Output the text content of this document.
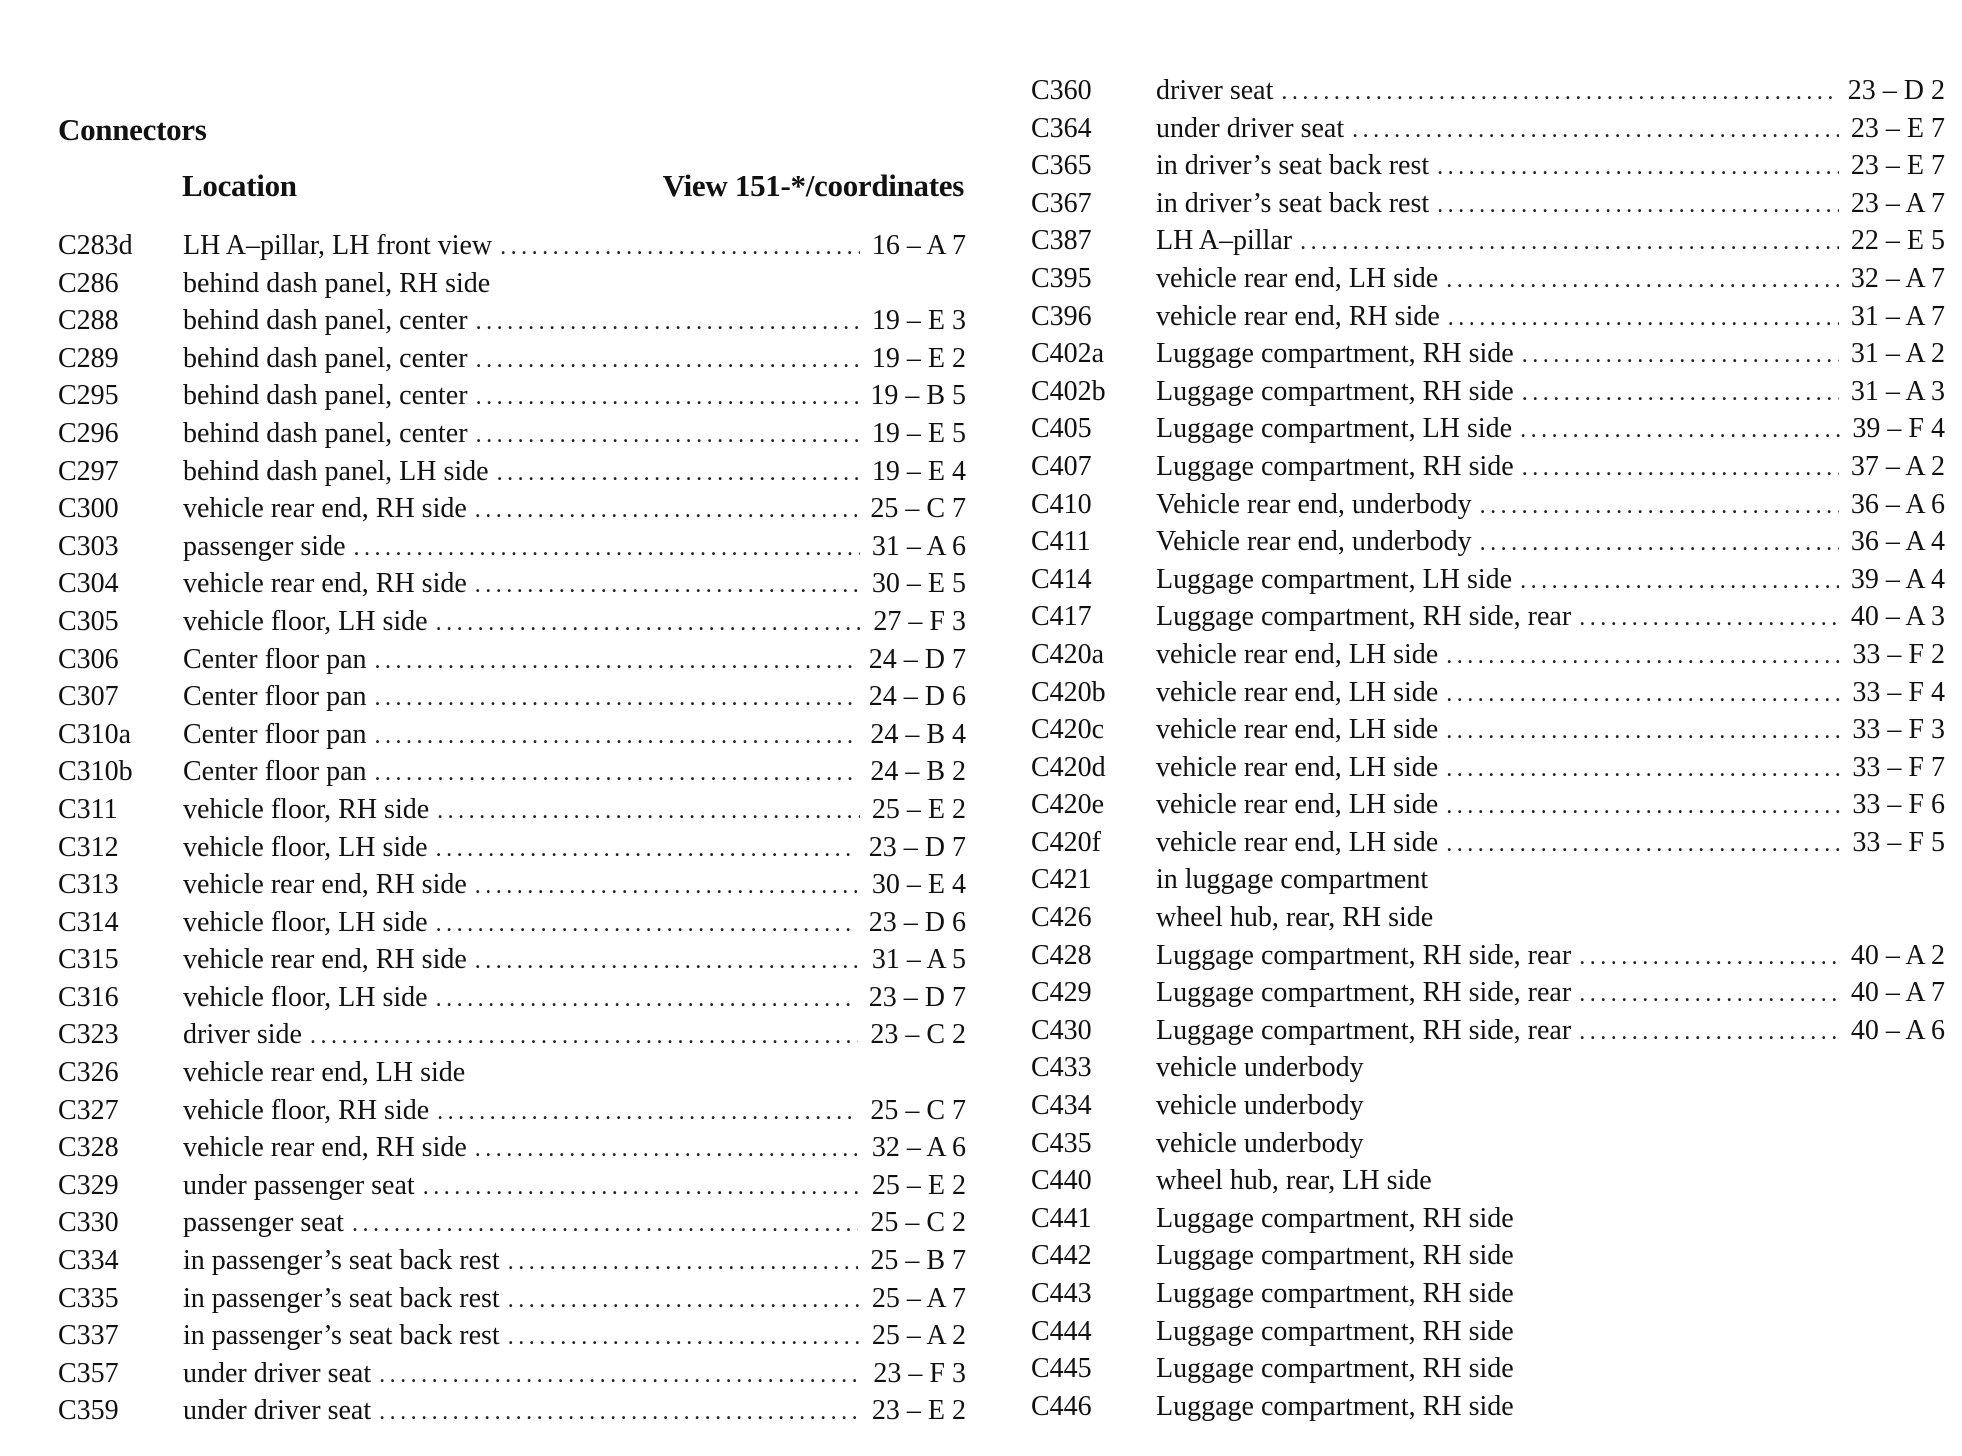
Connectors
Location	View 151-*/coordinates
C283d	LH A–pillar, LH front view .....	16 – A 7
C286	behind dash panel, RH side
C288	behind dash panel, center .....	19 – E 3
C289	behind dash panel, center .....	19 – E 2
C295	behind dash panel, center .....	19 – B 5
C296	behind dash panel, center .....	19 – E 5
C297	behind dash panel, LH side .....	19 – E 4
C300	vehicle rear end, RH side .....	25 – C 7
C303	passenger side .....	31 – A 6
C304	vehicle rear end, RH side .....	30 – E 5
C305	vehicle floor, LH side .....	27 – F 3
C306	Center floor pan .....	24 – D 7
C307	Center floor pan .....	24 – D 6
C310a	Center floor pan .....	24 – B 4
C310b	Center floor pan .....	24 – B 2
C311	vehicle floor, RH side .....	25 – E 2
C312	vehicle floor, LH side .....	23 – D 7
C313	vehicle rear end, RH side .....	30 – E 4
C314	vehicle floor, LH side .....	23 – D 6
C315	vehicle rear end, RH side .....	31 – A 5
C316	vehicle floor, LH side .....	23 – D 7
C323	driver side .....	23 – C 2
C326	vehicle rear end, LH side
C327	vehicle floor, RH side .....	25 – C 7
C328	vehicle rear end, RH side .....	32 – A 6
C329	under passenger seat .....	25 – E 2
C330	passenger seat .....	25 – C 2
C334	in passenger’s seat back rest .....	25 – B 7
C335	in passenger’s seat back rest .....	25 – A 7
C337	in passenger’s seat back rest .....	25 – A 2
C357	under driver seat .....	23 – F 3
C359	under driver seat .....	23 – E 2
C360	driver seat .....	23 – D 2
C364	under driver seat .....	23 – E 7
C365	in driver’s seat back rest .....	23 – E 7
C367	in driver’s seat back rest .....	23 – A 7
C387	LH A–pillar .....	22 – E 5
C395	vehicle rear end, LH side .....	32 – A 7
C396	vehicle rear end, RH side .....	31 – A 7
C402a	Luggage compartment, RH side .....	31 – A 2
C402b	Luggage compartment, RH side .....	31 – A 3
C405	Luggage compartment, LH side .....	39 – F 4
C407	Luggage compartment, RH side .....	37 – A 2
C410	Vehicle rear end, underbody .....	36 – A 6
C411	Vehicle rear end, underbody .....	36 – A 4
C414	Luggage compartment, LH side .....	39 – A 4
C417	Luggage compartment, RH side, rear .....	40 – A 3
C420a	vehicle rear end, LH side .....	33 – F 2
C420b	vehicle rear end, LH side .....	33 – F 4
C420c	vehicle rear end, LH side .....	33 – F 3
C420d	vehicle rear end, LH side .....	33 – F 7
C420e	vehicle rear end, LH side .....	33 – F 6
C420f	vehicle rear end, LH side .....	33 – F 5
C421	in luggage compartment
C426	wheel hub, rear, RH side
C428	Luggage compartment, RH side, rear .....	40 – A 2
C429	Luggage compartment, RH side, rear .....	40 – A 7
C430	Luggage compartment, RH side, rear .....	40 – A 6
C433	vehicle underbody
C434	vehicle underbody
C435	vehicle underbody
C440	wheel hub, rear, LH side
C441	Luggage compartment, RH side
C442	Luggage compartment, RH side
C443	Luggage compartment, RH side
C444	Luggage compartment, RH side
C445	Luggage compartment, RH side
C446	Luggage compartment, RH side
